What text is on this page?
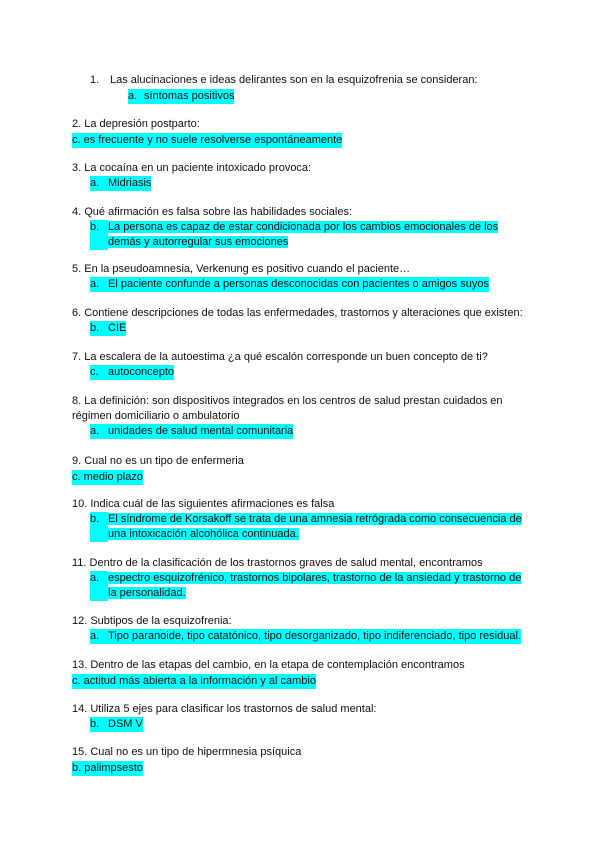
1. Las alucinaciones e ideas delirantes son en la esquizofrenia se consideran:
a. síntomas positivos
2. La depresión postparto:
c. es frecuente y no suele resolverse espontáneamente
3. La cocaína en un paciente intoxicado provoca:
a. Midriasis
4. Qué afirmación es falsa sobre las habilidades sociales:
b. La persona es capaz de estar condicionada por los cambios emocionales de los demás y autorregular sus emociones
5. En la pseudoamnesia, Verkenung es positivo cuando el paciente…
a. El paciente confunde a personas desconocidas con pacientes o amigos suyos
6. Contiene descripciones de todas las enfermedades, trastornos y alteraciones que existen:
b. CIE
7. La escalera de la autoestima ¿a qué escalón corresponde un buen concepto de ti?
c. autoconcepto
8. La definición: son dispositivos integrados en los centros de salud prestan cuidados en régimen domiciliario o ambulatorio
a. unidades de salud mental comunitaria
9. Cual no es un tipo de enfermeria
c. medio plazo
10. Indica cuál de las siguientes afirmaciones es falsa
b. El síndrome de Korsakoff se trata de una amnesia retrógrada como consecuencia de una intoxicación alcohólica continuada.
11. Dentro de la clasificación de los trastornos graves de salud mental, encontramos
a. espectro esquizofrénico, trastornos bipolares, trastorno de la ansiedad y trastorno de la personalidad.
12. Subtipos de la esquizofrenia:
a. Tipo paranoide, tipo catatónico, tipo desorganizado, tipo indiferenciado, tipo residual.
13. Dentro de las etapas del cambio, en la etapa de contemplación encontramos
c. actitud más abierta a la información y al cambio
14. Utiliza 5 ejes para clasificar los trastornos de salud mental:
b. DSM V
15. Cual no es un tipo de hipermnesia psíquica
b. palimpsesto
